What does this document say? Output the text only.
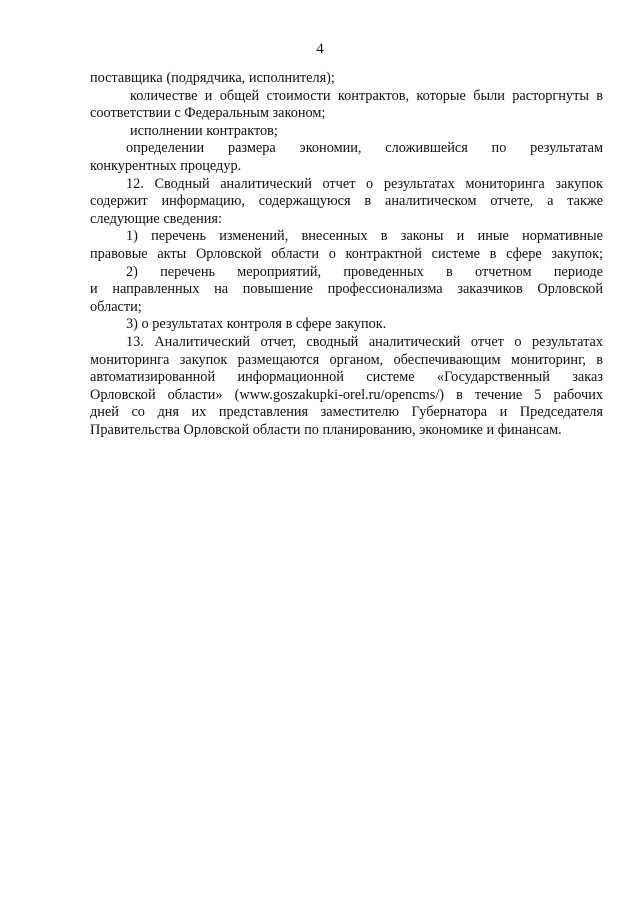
4
поставщика (подрядчика, исполнителя);
количестве и общей стоимости контрактов, которые были расторгнуты в
соответствии с Федеральным законом;
исполнении контрактов;
определении размера экономии, сложившейся по результатам
конкурентных процедур.
12. Сводный аналитический отчет о результатах мониторинга закупок
содержит информацию, содержащуюся в аналитическом отчете, а также
следующие сведения:
1) перечень изменений, внесенных в законы и иные нормативные
правовые акты Орловской области о контрактной системе в сфере закупок;
2) перечень мероприятий, проведенных в отчетном периоде
и направленных на повышение профессионализма заказчиков Орловской
области;
3) о результатах контроля в сфере закупок.
13. Аналитический отчет, сводный аналитический отчет о результатах
мониторинга закупок размещаются органом, обеспечивающим мониторинг, в
автоматизированной информационной системе «Государственный заказ
Орловской области» (www.goszakupki-orel.ru/opencms/) в течение 5 рабочих
дней со дня их представления заместителю Губернатора и Председателя
Правительства Орловской области по планированию, экономике и финансам.
